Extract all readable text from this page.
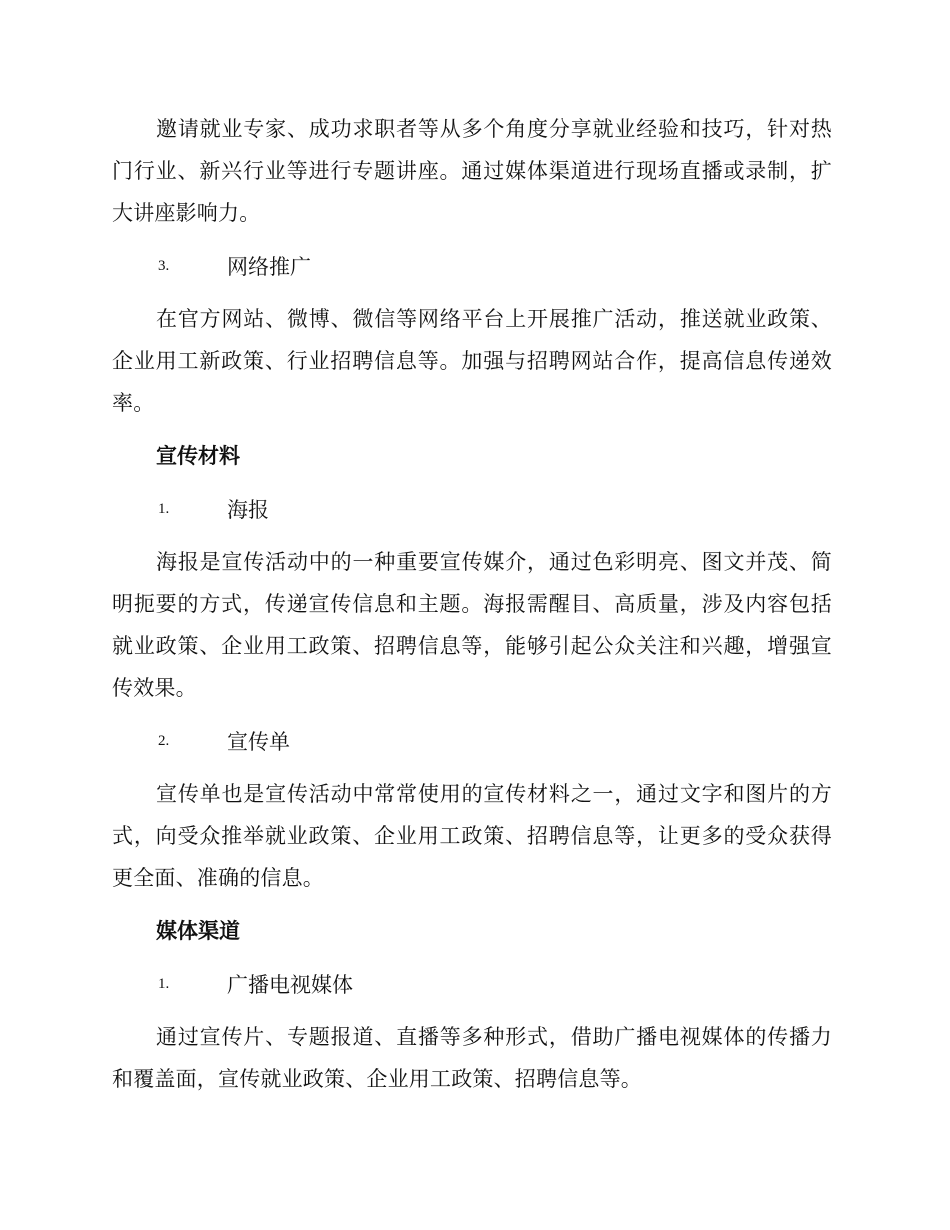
邀请就业专家、成功求职者等从多个角度分享就业经验和技巧，针对热门行业、新兴行业等进行专题讲座。通过媒体渠道进行现场直播或录制，扩大讲座影响力。

3.	网络推广

在官方网站、微博、微信等网络平台上开展推广活动，推送就业政策、企业用工新政策、行业招聘信息等。加强与招聘网站合作，提高信息传递效率。

宣传材料
1.	海报

海报是宣传活动中的一种重要宣传媒介，通过色彩明亮、图文并茂、简明扼要的方式，传递宣传信息和主题。海报需醒目、高质量，涉及内容包括就业政策、企业用工政策、招聘信息等，能够引起公众关注和兴趣，增强宣传效果。

2.	宣传单

宣传单也是宣传活动中常常使用的宣传材料之一，通过文字和图片的方式，向受众推举就业政策、企业用工政策、招聘信息等，让更多的受众获得更全面、准确的信息。

媒体渠道
1.	广播电视媒体

通过宣传片、专题报道、直播等多种形式，借助广播电视媒体的传播力和覆盖面，宣传就业政策、企业用工政策、招聘信息等。
